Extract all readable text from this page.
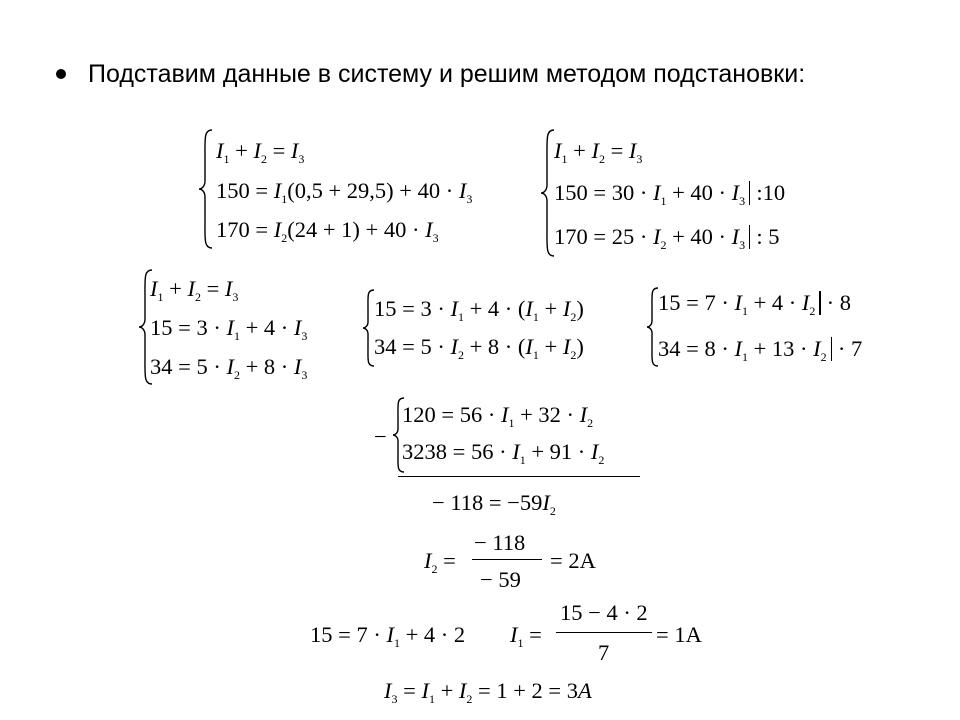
Подставим данные в систему и решим методом подстановки:
$I_1 + I_2 = I_3$
$150 = I_1(0,5 + 29,5) + 40 \cdot I_3$
$170 = I_2(24 + 1) + 40 \cdot I_3$
$I_1 + I_2 = I_3$
$150 = 30 \cdot I_1 + 40 \cdot I_3$ :10
$170 = 25 \cdot I_2 + 40 \cdot I_3$ : 5
$I_1 + I_2 = I_3$
$15 = 3 \cdot I_1 + 4 \cdot I_3$
$34 = 5 \cdot I_2 + 8 \cdot I_3$
$15 = 3 \cdot I_1 + 4 \cdot (I_1 + I_2)$
$34 = 5 \cdot I_2 + 8 \cdot (I_1 + I_2)$
$15 = 7 \cdot I_1 + 4 \cdot I_2 \cdot 8$
$34 = 8 \cdot I_1 + 13 \cdot I_2 \cdot 7$
−
$120 = 56 \cdot I_1 + 32 \cdot I_2$
$3238 = 56 \cdot I_1 + 91 \cdot I_2$
− $118 = -59I_2$
$I_2$ =
− 118
− 59
= 2A
$15 = 7 \cdot I_1 + 4 \cdot 2$ $I_1$ =
15 − 4 · 2
7
= 1A
$I_3 = I_1 + I_2 = 1 + 2 = 3A$
